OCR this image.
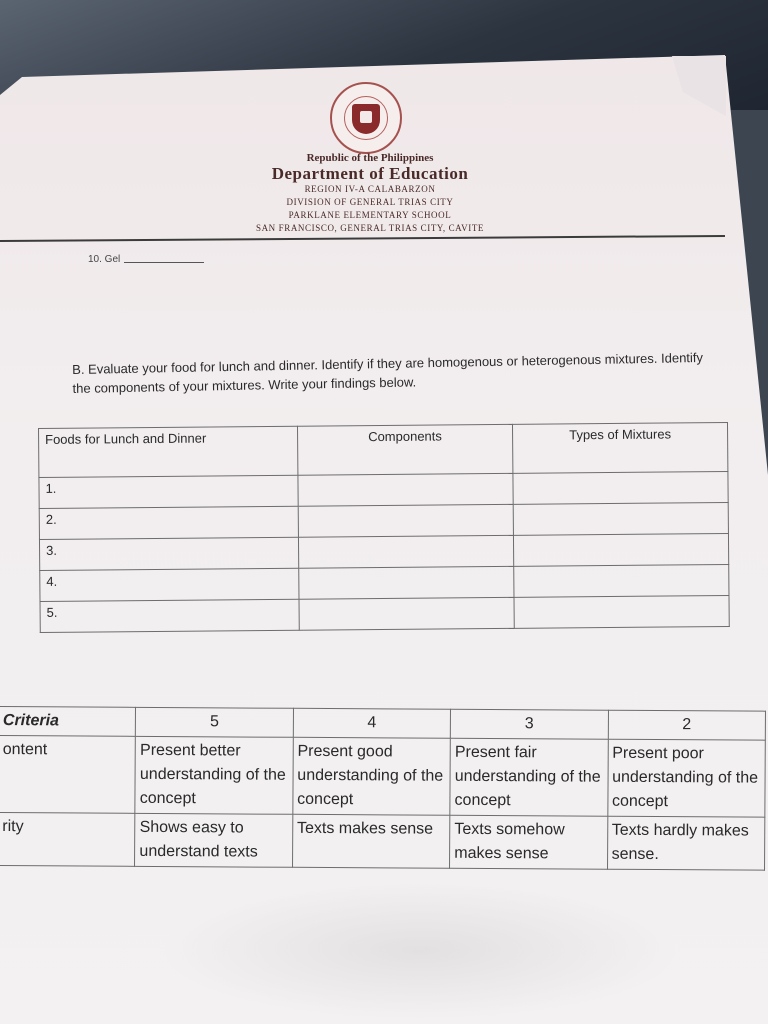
Republic of the Philippines
Department of Education
REGION IV-A CALABARZON
DIVISION OF GENERAL TRIAS CITY
PARKLANE ELEMENTARY SCHOOL
SAN FRANCISCO, GENERAL TRIAS CITY, CAVITE
10. Gel
B. Evaluate your food for lunch and dinner. Identify if they are homogenous or heterogenous mixtures. Identify the components of your mixtures. Write your findings below.
Foods for Lunch and Dinner	Components	Types of Mixtures
1.		
2.		
3.		
4.		
5.		
Criteria	5	4	3	2
ontent	Present better understanding of the concept	Present good understanding of the concept	Present fair understanding of the concept	Present poor understanding of the concept
rity	Shows easy to understand texts	Texts makes sense	Texts somehow makes sense	Texts hardly makes sense.
